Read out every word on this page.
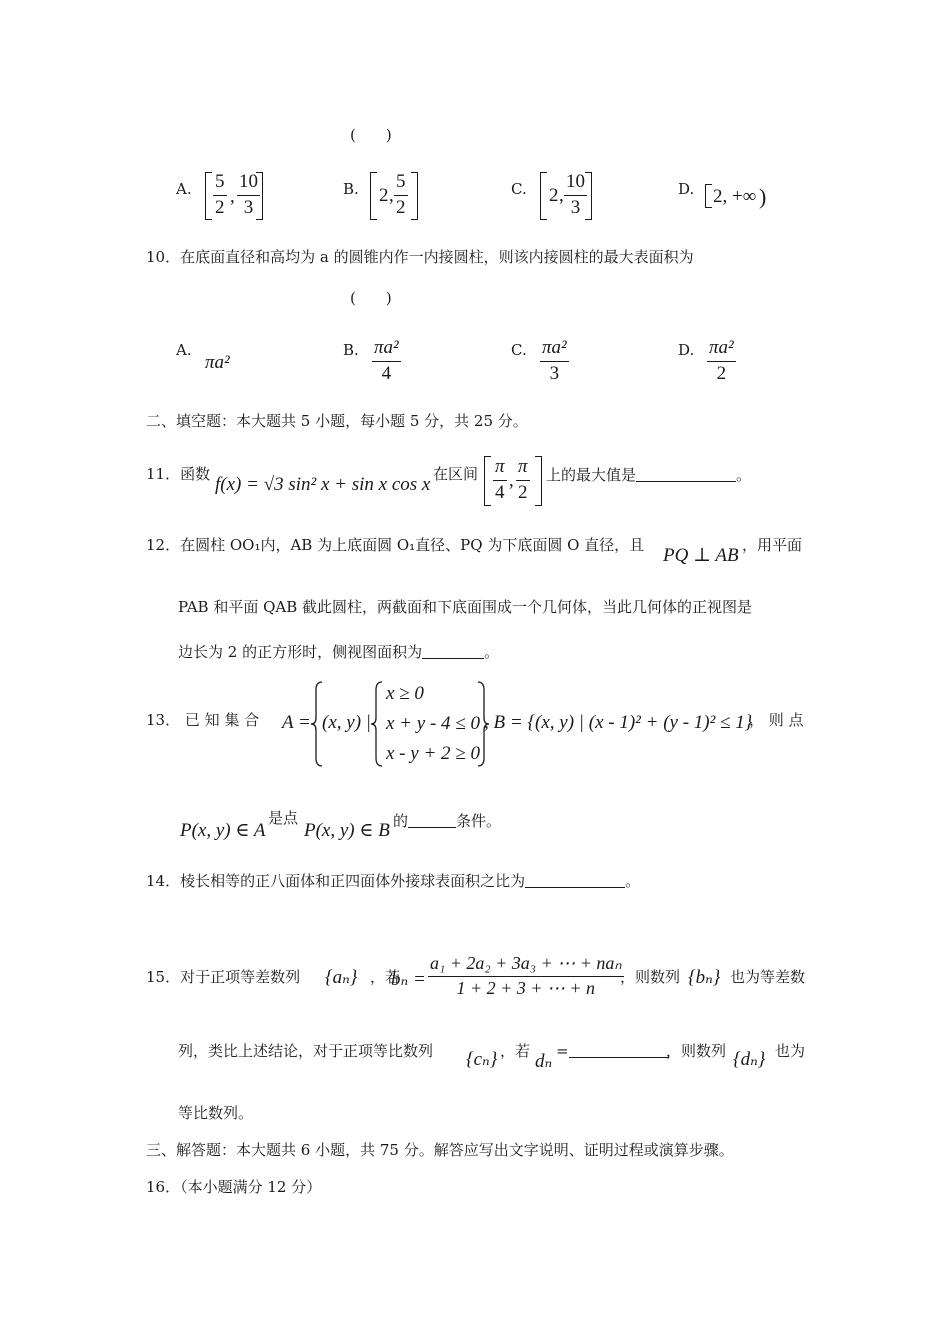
(　　)
A. $\frac{5}{2}$ , $\frac{10}{3}$	B. 2 , $\frac{5}{2}$	C. 2 , $\frac{10}{3}$	D. 2, +∞ )
10．在底面直径和高均为 a 的圆锥内作一内接圆柱，则该内接圆柱的最大表面积为
(　　)
A.
πa²
B. $\frac{\text{πa²}}{4}$	C. $\frac{\text{πa²}}{3}$	D. $\frac{\text{πa²}}{2}$
二、填空题：本大题共 5 小题，每小题 5 分，共 25 分。
11．函数 f(x) = √3 sin² x + sin x cos x 在区间 $\frac{\pi}{4}$ , $\frac{\pi}{2}$ 上的最大值是	。
12．在圆柱 OO₁内，AB 为上底面圆 O₁直径、PQ 为下底面圆 O 直径，且 PQ ⊥ AB ，用平面
PAB 和平面 QAB 截此圆柱，两截面和下底面围成一个几何体，当此几何体的正视图是
边长为 2 的正方形时，侧视图面积为	。
13． 已 知 集 合 A = (x, y) |
x ≥ 0
x + y - 4 ≤ 0
x - y + 2 ≥ 0
, B = {(x, y) | (x - 1)² + (y - 1)² ≤ 1}
， 则 点
P(x, y) ∈ A
是点
P(x, y) ∈ B 的	条件。
14．棱长相等的正八面体和正四面体外接球表面积之比为	。
15．对于正项等差数列 {aₙ} ，若
$b_n = \frac{\text{a₁ + 2a₂ + 3a₃ + ⋯ + naₙ}}{1 + 2 + 3 + \cdots + n}$
，则数列 {bₙ} 也为等差数
列，类比上述结论，对于正项等比数列 {cₙ} ，若 dₙ =	，则数列 {dₙ} 也为
等比数列。
三、解答题：本大题共 6 小题，共 75 分。解答应写出文字说明、证明过程或演算步骤。
16．（本小题满分 12 分）
